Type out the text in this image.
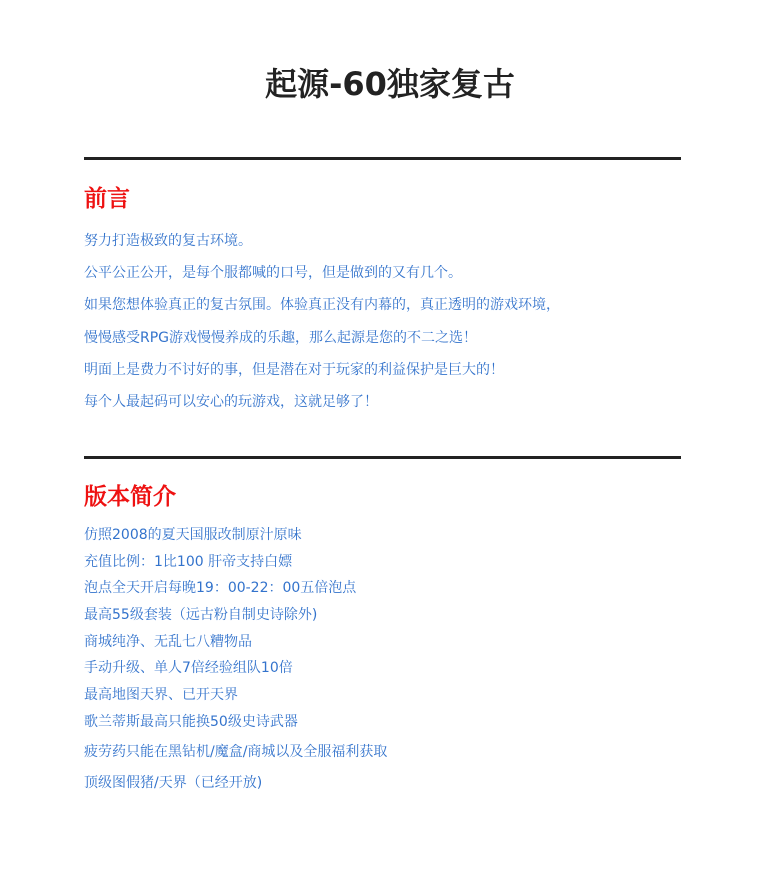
起源-60独家复古
前言
努力打造极致的复古环境。
公平公正公开，是每个服都喊的口号，但是做到的又有几个。
如果您想体验真正的复古氛围。体验真正没有内幕的，真正透明的游戏环境，
慢慢感受RPG游戏慢慢养成的乐趣，那么起源是您的不二之选！
明面上是费力不讨好的事，但是潜在对于玩家的利益保护是巨大的！
每个人最起码可以安心的玩游戏，这就足够了！
版本简介
仿照2008的夏天国服改制原汁原味
充值比例：1比100 肝帝支持白嫖
泡点全天开启每晚19：00-22：00五倍泡点
最高55级套装（远古粉自制史诗除外)
商城纯净、无乱七八糟物品
手动升级、单人7倍经验组队10倍
最高地图天界、已开天界
歌兰蒂斯最高只能换50级史诗武器
疲劳药只能在黑钻机/魔盒/商城以及全服福利获取
顶级图假猪/天界（已经开放)
